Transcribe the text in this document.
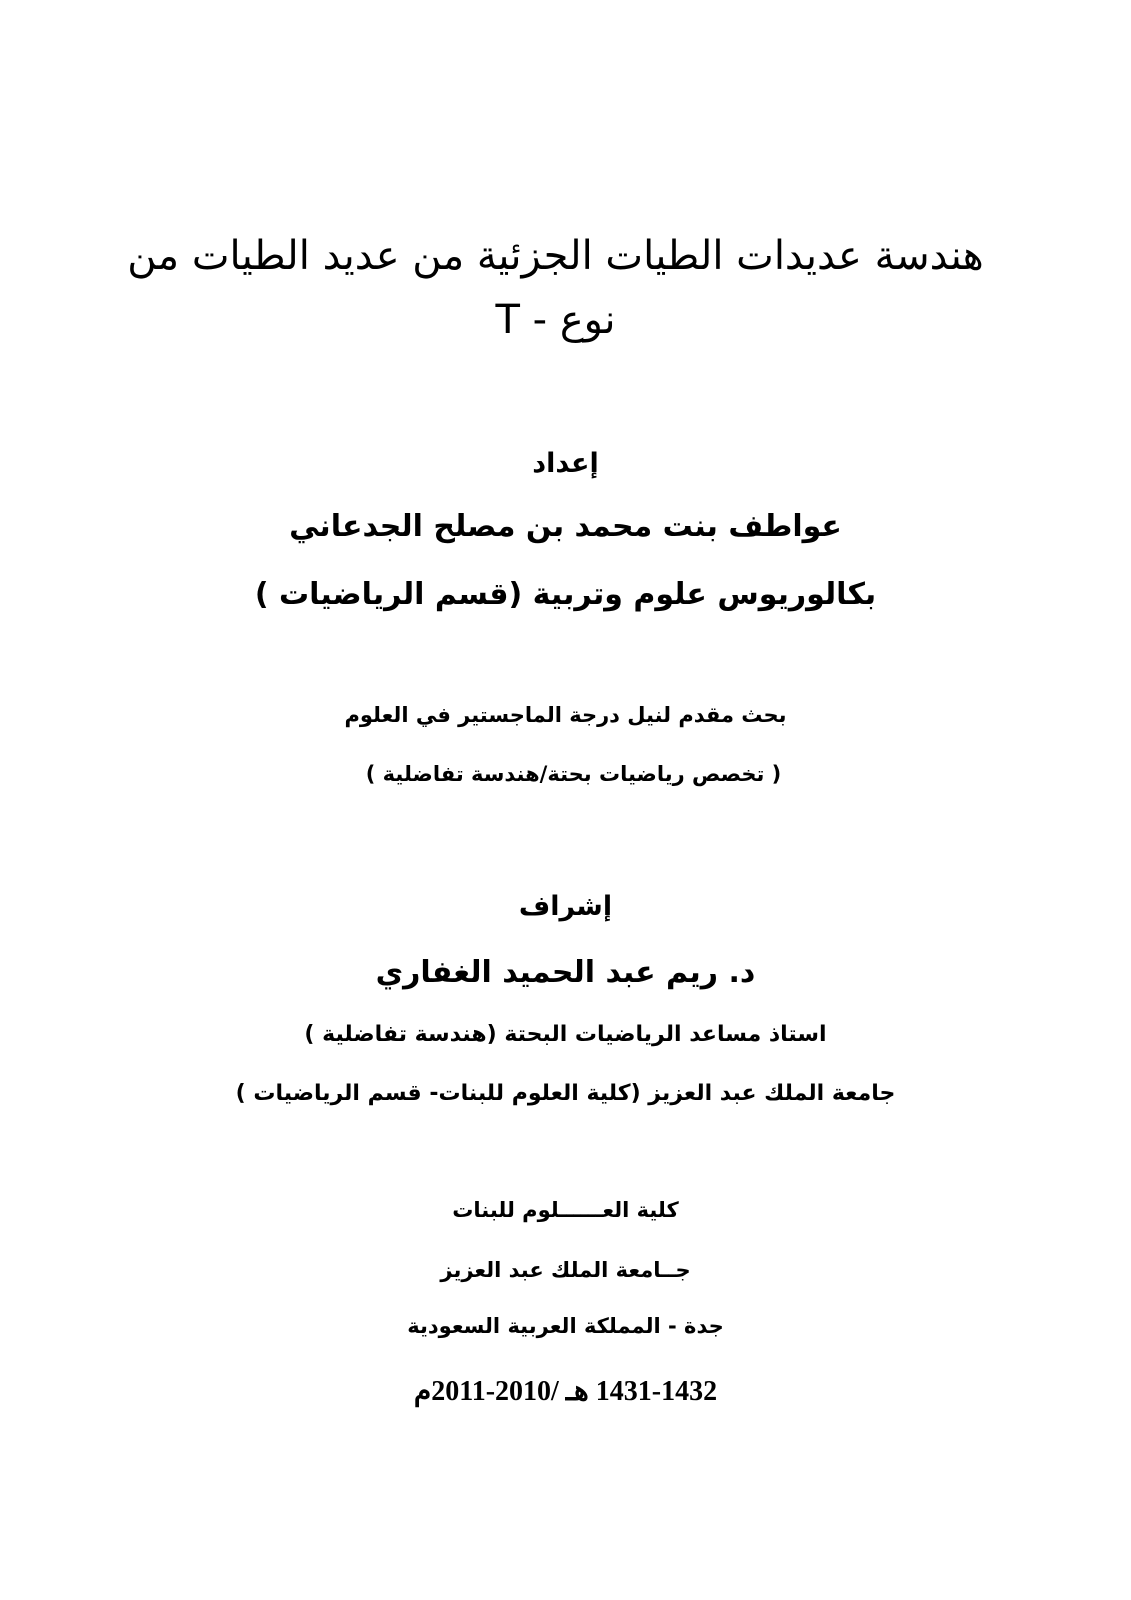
هندسة عديدات الطيات الجزئية من عديد الطيات من
نوع - T
إعداد
عواطف بنت محمد بن مصلح الجدعاني
بكالوريوس علوم وتربية (قسم الرياضيات )
بحث مقدم لنيل درجة الماجستير في العلوم
( تخصص رياضيات بحتة/هندسة تفاضلية )
إشراف
د. ريم عبد الحميد الغفاري
استاذ مساعد الرياضيات البحتة (هندسة تفاضلية )
جامعة الملك عبد العزيز (كلية العلوم للبنات- قسم الرياضيات )
كلية العــــــلوم للبنات
جــامعة الملك عبد العزيز
جدة - المملكة العربية السعودية
1431-1432 هـ /2010-2011م
